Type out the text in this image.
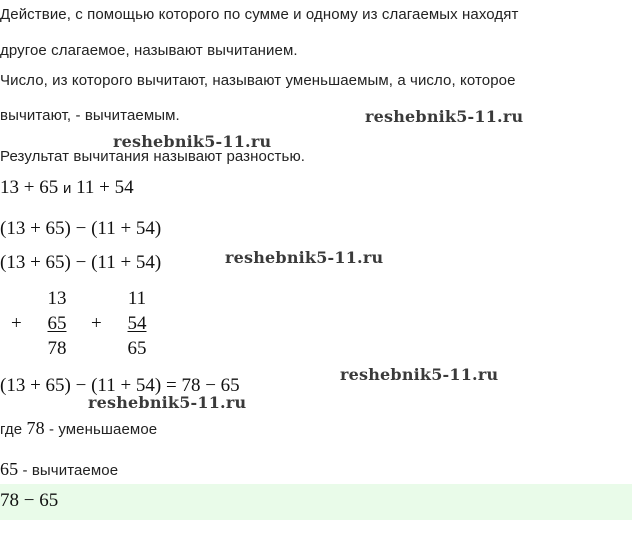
Действие, с помощью которого по сумме и одному из слагаемых находят
другое слагаемое, называют вычитанием.
Число, из которого вычитают, называют уменьшаемым, а число, которое
вычитают, - вычитаемым.
Результат вычитания называют разностью.
reshebnik5-11.ru
reshebnik5-11.ru
reshebnik5-11.ru
reshebnik5-11.ru
reshebnik5-11.ru
13 + 65 и 11 + 54
(13 + 65) − (11 + 54)
(13 + 65) − (11 + 54)
+
13
65
78
+
11
54
65
(13 + 65) − (11 + 54) = 78 − 65
где 78 - уменьшаемое
65 - вычитаемое
78 − 65
